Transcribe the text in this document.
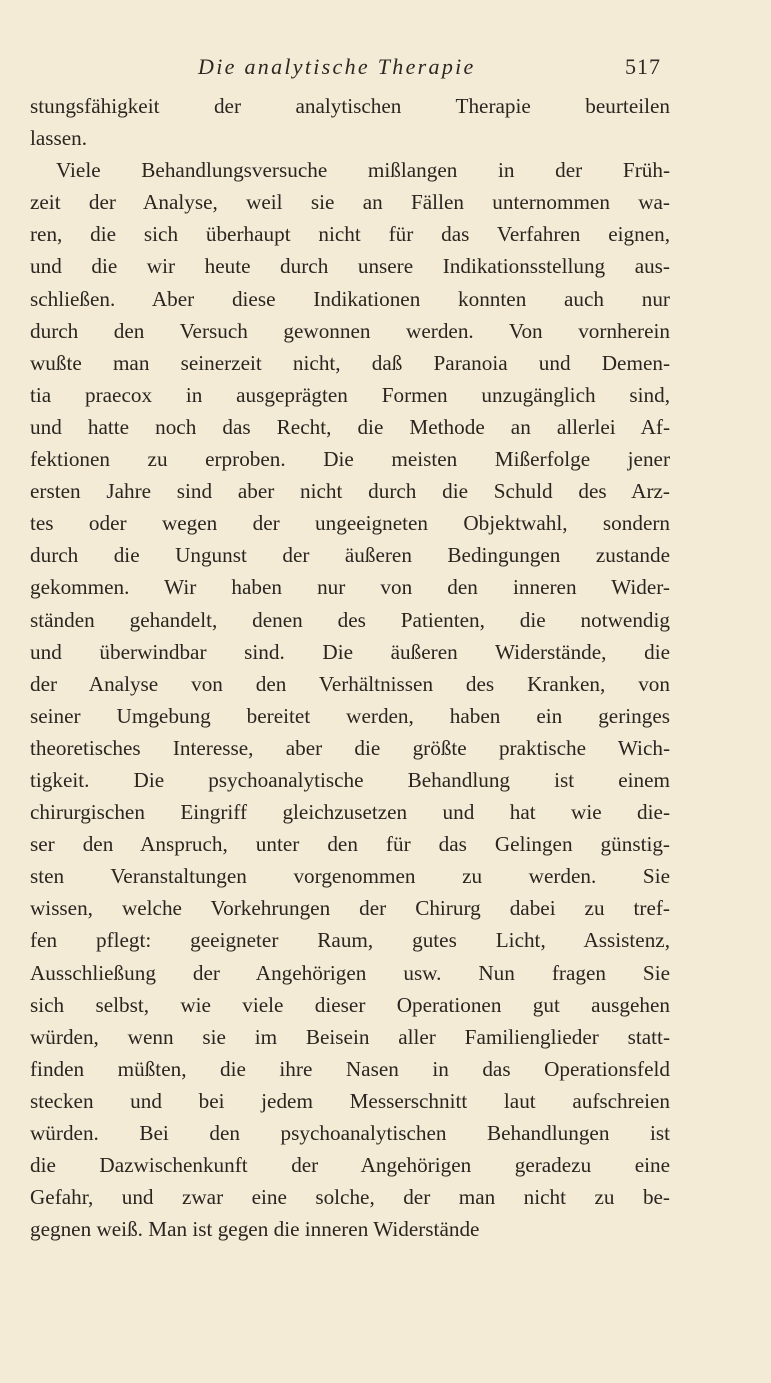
Die analytische Therapie	517
stungsfähigkeit der analytischen Therapie beurteilen
lassen.
Viele Behandlungsversuche mißlangen in der Früh-
zeit der Analyse, weil sie an Fällen unternommen wa-
ren, die sich überhaupt nicht für das Verfahren eignen,
und die wir heute durch unsere Indikationsstellung aus-
schließen. Aber diese Indikationen konnten auch nur
durch den Versuch gewonnen werden. Von vornherein
wußte man seinerzeit nicht, daß Paranoia und Demen-
tia praecox in ausgeprägten Formen unzugänglich sind,
und hatte noch das Recht, die Methode an allerlei Af-
fektionen zu erproben. Die meisten Mißerfolge jener
ersten Jahre sind aber nicht durch die Schuld des Arz-
tes oder wegen der ungeeigneten Objektwahl, sondern
durch die Ungunst der äußeren Bedingungen zustande
gekommen. Wir haben nur von den inneren Wider-
ständen gehandelt, denen des Patienten, die notwendig
und überwindbar sind. Die äußeren Widerstände, die
der Analyse von den Verhältnissen des Kranken, von
seiner Umgebung bereitet werden, haben ein geringes
theoretisches Interesse, aber die größte praktische Wich-
tigkeit. Die psychoanalytische Behandlung ist einem
chirurgischen Eingriff gleichzusetzen und hat wie die-
ser den Anspruch, unter den für das Gelingen günstig-
sten Veranstaltungen vorgenommen zu werden. Sie
wissen, welche Vorkehrungen der Chirurg dabei zu tref-
fen pflegt: geeigneter Raum, gutes Licht, Assistenz,
Ausschließung der Angehörigen usw. Nun fragen Sie
sich selbst, wie viele dieser Operationen gut ausgehen
würden, wenn sie im Beisein aller Familienglieder statt-
finden müßten, die ihre Nasen in das Operationsfeld
stecken und bei jedem Messerschnitt laut aufschreien
würden. Bei den psychoanalytischen Behandlungen ist
die Dazwischenkunft der Angehörigen geradezu eine
Gefahr, und zwar eine solche, der man nicht zu be-
gegnen weiß. Man ist gegen die inneren Widerstände
